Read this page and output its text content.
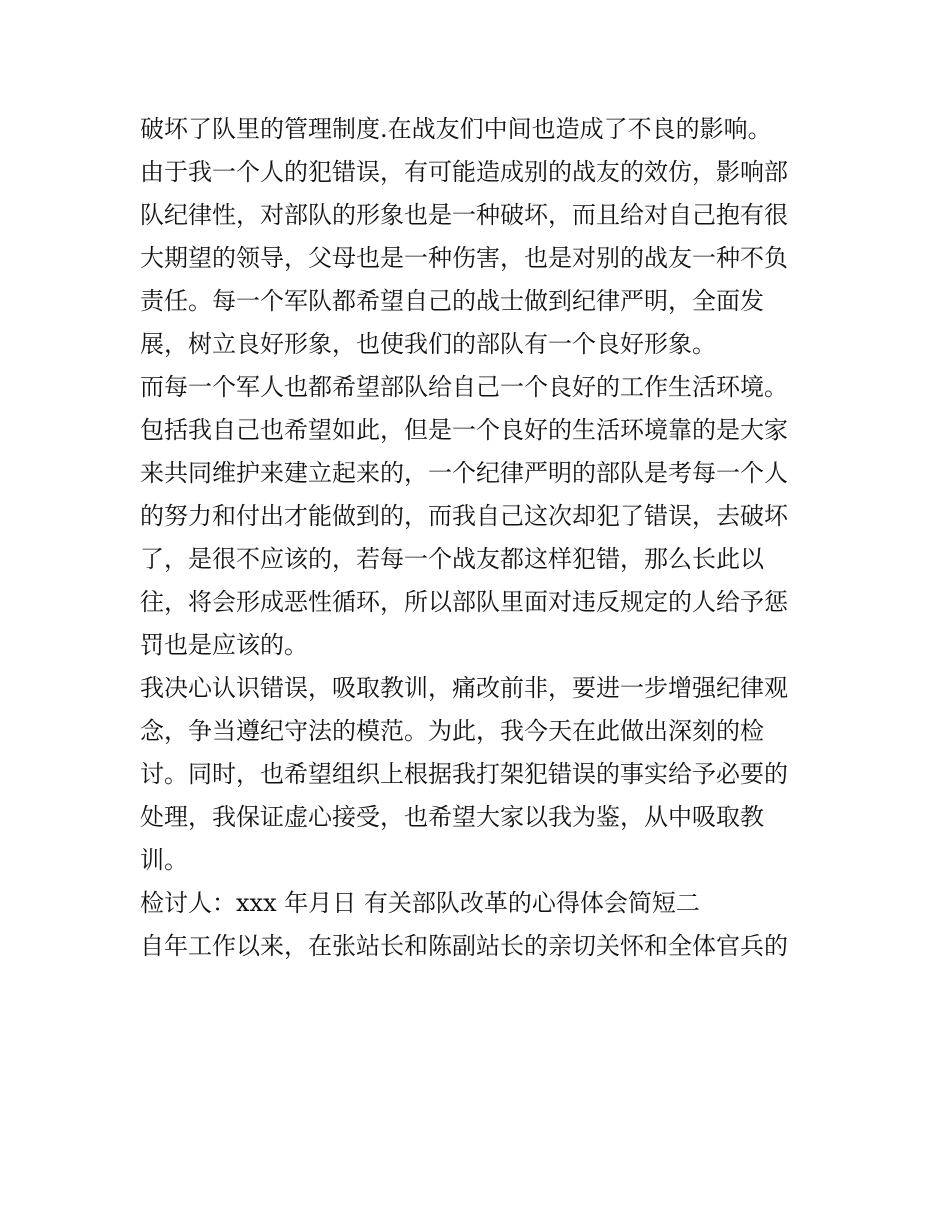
破坏了队里的管理制度.在战友们中间也造成了不良的影响。
由于我一个人的犯错误，有可能造成别的战友的效仿，影响部
队纪律性，对部队的形象也是一种破坏，而且给对自己抱有很
大期望的领导，父母也是一种伤害，也是对别的战友一种不负
责任。每一个军队都希望自己的战士做到纪律严明，全面发
展，树立良好形象，也使我们的部队有一个良好形象。
而每一个军人也都希望部队给自己一个良好的工作生活环境。
包括我自己也希望如此，但是一个良好的生活环境靠的是大家
来共同维护来建立起来的，一个纪律严明的部队是考每一个人
的努力和付出才能做到的，而我自己这次却犯了错误，去破坏
了，是很不应该的，若每一个战友都这样犯错，那么长此以
往，将会形成恶性循环，所以部队里面对违反规定的人给予惩
罚也是应该的。
我决心认识错误，吸取教训，痛改前非，要进一步增强纪律观
念，争当遵纪守法的模范。为此，我今天在此做出深刻的检
讨。同时，也希望组织上根据我打架犯错误的事实给予必要的
处理，我保证虚心接受，也希望大家以我为鉴，从中吸取教
训。
检讨人：xxx 年月日 有关部队改革的心得体会简短二
自年工作以来，在张站长和陈副站长的亲切关怀和全体官兵的
